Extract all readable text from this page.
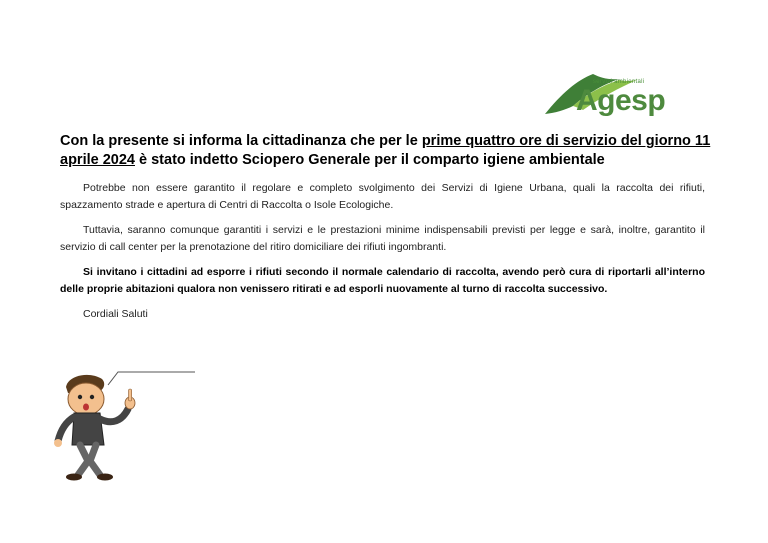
servizi ambientali
Agesp
Con la presente si informa la cittadinanza che per le prime quattro ore di servizio del giorno 11 aprile 2024 è stato indetto Sciopero Generale per il comparto igiene ambientale

Potrebbe non essere garantito il regolare e completo svolgimento dei Servizi di Igiene Urbana, quali la raccolta dei rifiuti, spazzamento strade e apertura di Centri di Raccolta o Isole Ecologiche.

Tuttavia, saranno comunque garantiti i servizi e le prestazioni minime indispensabili previsti per legge e sarà, inoltre, garantito il servizio di call center per la prenotazione del ritiro domiciliare dei rifiuti ingombranti.

Si invitano i cittadini ad esporre i rifiuti secondo il normale calendario di raccolta, avendo però cura di riportarli all’interno delle proprie abitazioni qualora non venissero ritirati e ad esporli nuovamente al turno di raccolta successivo.

Cordiali Saluti
